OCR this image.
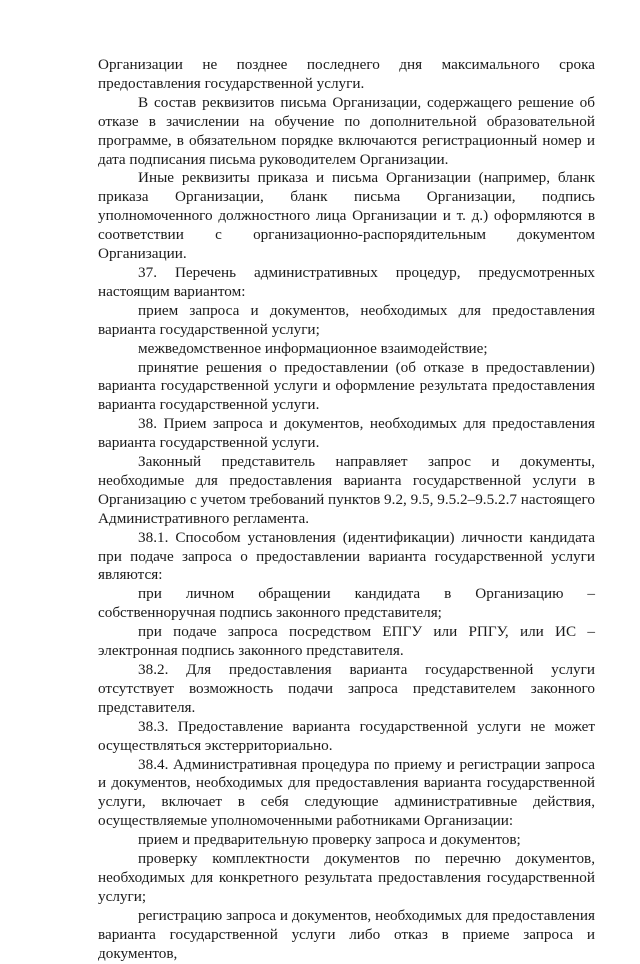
Организации не позднее последнего дня максимального срока предоставления государственной услуги.

В состав реквизитов письма Организации, содержащего решение об отказе в зачислении на обучение по дополнительной образовательной программе, в обязательном порядке включаются регистрационный номер и дата подписания письма руководителем Организации.

Иные реквизиты приказа и письма Организации (например, бланк приказа Организации, бланк письма Организации, подпись уполномоченного должностного лица Организации и т. д.) оформляются в соответствии с организационно-распорядительным документом Организации.

37. Перечень административных процедур, предусмотренных настоящим вариантом:

прием запроса и документов, необходимых для предоставления варианта государственной услуги;

межведомственное информационное взаимодействие;

принятие решения о предоставлении (об отказе в предоставлении) варианта государственной услуги и оформление результата предоставления варианта государственной услуги.

38. Прием запроса и документов, необходимых для предоставления варианта государственной услуги.

Законный представитель направляет запрос и документы, необходимые для предоставления варианта государственной услуги в Организацию с учетом требований пунктов 9.2, 9.5, 9.5.2–9.5.2.7 настоящего Административного регламента.

38.1. Способом установления (идентификации) личности кандидата при подаче запроса о предоставлении варианта государственной услуги являются:

при личном обращении кандидата в Организацию – собственноручная подпись законного представителя;

при подаче запроса посредством ЕПГУ или РПГУ, или ИС – электронная подпись законного представителя.

38.2. Для предоставления варианта государственной услуги отсутствует возможность подачи запроса представителем законного представителя.

38.3. Предоставление варианта государственной услуги не может осуществляться экстерриториально.

38.4. Административная процедура по приему и регистрации запроса и документов, необходимых для предоставления варианта государственной услуги, включает в себя следующие административные действия, осуществляемые уполномоченными работниками Организации:

прием и предварительную проверку запроса и документов;

проверку комплектности документов по перечню документов, необходимых для конкретного результата предоставления государственной услуги;

регистрацию запроса и документов, необходимых для предоставления варианта государственной услуги либо отказ в приеме запроса и документов,
